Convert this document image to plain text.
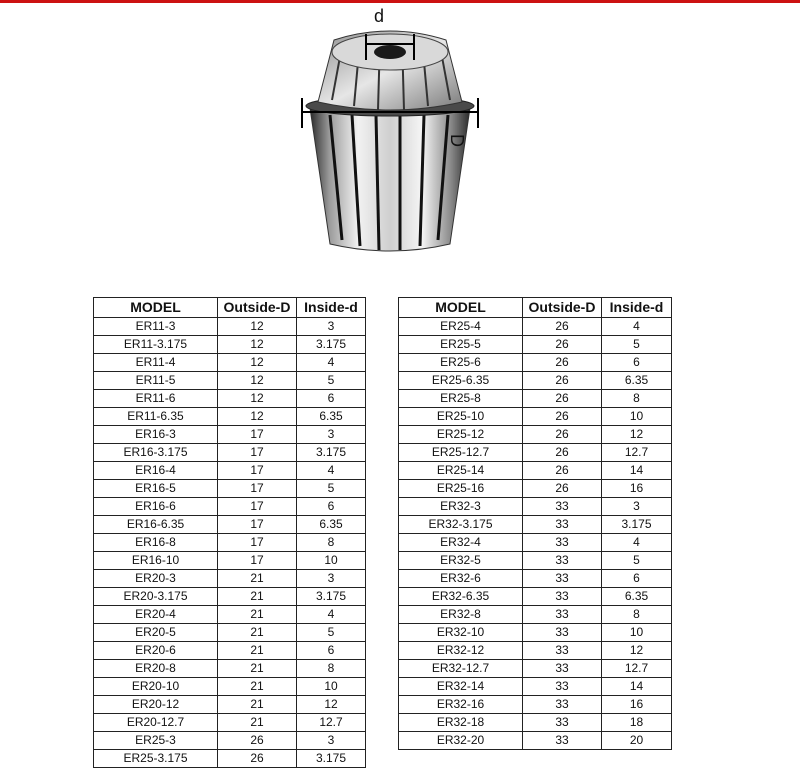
d
D
MODEL	Outside-D	Inside-d
ER11-3	12	3
ER11-3.175	12	3.175
ER11-4	12	4
ER11-5	12	5
ER11-6	12	6
ER11-6.35	12	6.35
ER16-3	17	3
ER16-3.175	17	3.175
ER16-4	17	4
ER16-5	17	5
ER16-6	17	6
ER16-6.35	17	6.35
ER16-8	17	8
ER16-10	17	10
ER20-3	21	3
ER20-3.175	21	3.175
ER20-4	21	4
ER20-5	21	5
ER20-6	21	6
ER20-8	21	8
ER20-10	21	10
ER20-12	21	12
ER20-12.7	21	12.7
ER25-3	26	3
ER25-3.175	26	3.175
MODEL	Outside-D	Inside-d
ER25-4	26	4
ER25-5	26	5
ER25-6	26	6
ER25-6.35	26	6.35
ER25-8	26	8
ER25-10	26	10
ER25-12	26	12
ER25-12.7	26	12.7
ER25-14	26	14
ER25-16	26	16
ER32-3	33	3
ER32-3.175	33	3.175
ER32-4	33	4
ER32-5	33	5
ER32-6	33	6
ER32-6.35	33	6.35
ER32-8	33	8
ER32-10	33	10
ER32-12	33	12
ER32-12.7	33	12.7
ER32-14	33	14
ER32-16	33	16
ER32-18	33	18
ER32-20	33	20
